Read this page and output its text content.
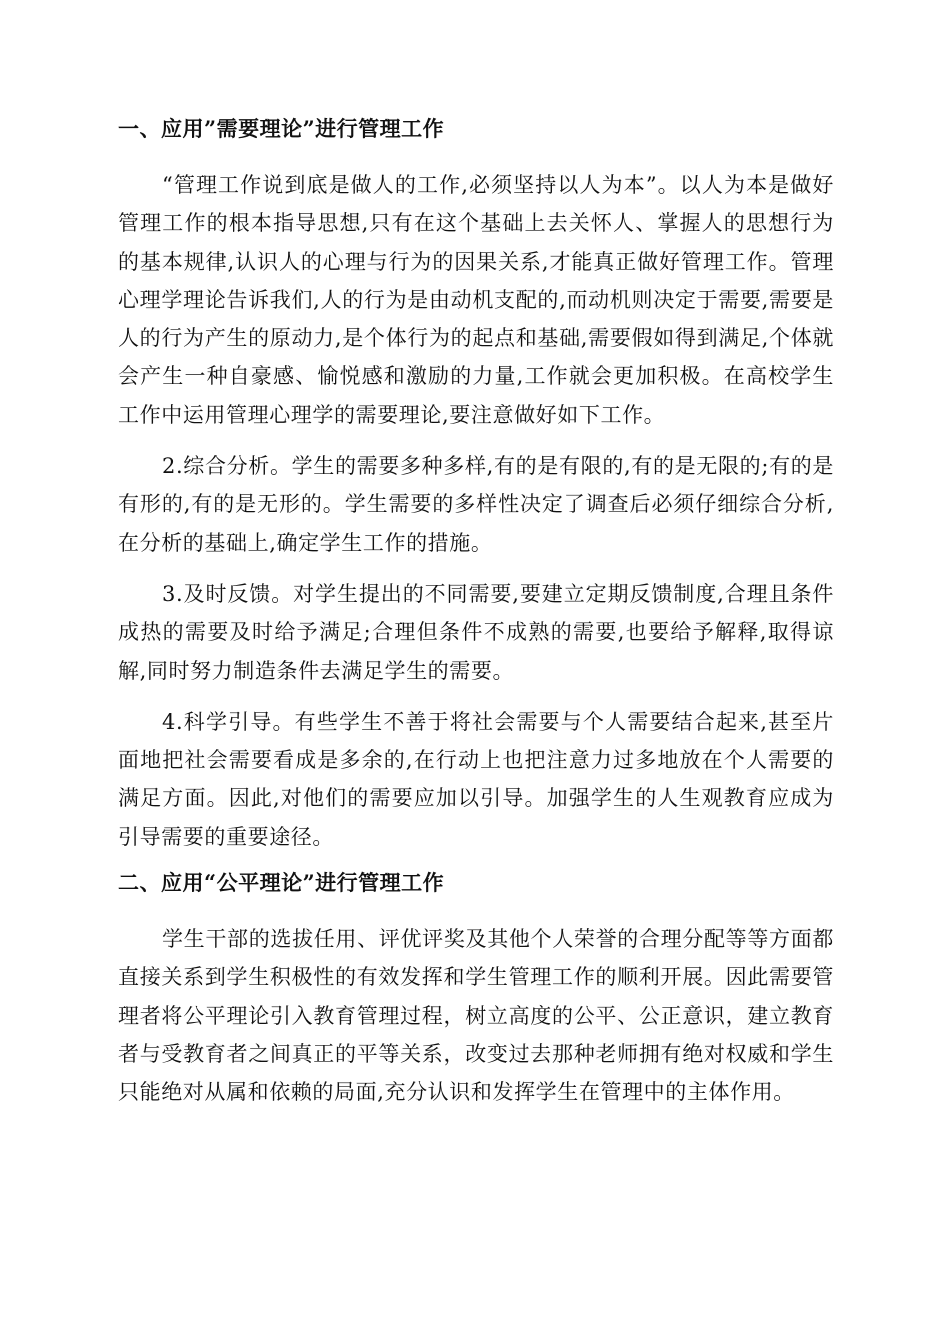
一、应用”需要理论”进行管理工作

“管理工作说到底是做人的工作,必须坚持以人为本”。以人为本是做好管理工作的根本指导思想,只有在这个基础上去关怀人、掌握人的思想行为的基本规律,认识人的心理与行为的因果关系,才能真正做好管理工作。管理心理学理论告诉我们,人的行为是由动机支配的,而动机则决定于需要,需要是人的行为产生的原动力,是个体行为的起点和基础,需要假如得到满足,个体就会产生一种自豪感、愉悦感和激励的力量,工作就会更加积极。在高校学生工作中运用管理心理学的需要理论,要注意做好如下工作。

2.综合分析。学生的需要多种多样,有的是有限的,有的是无限的;有的是有形的,有的是无形的。学生需要的多样性决定了调查后必须仔细综合分析,在分析的基础上,确定学生工作的措施。

3.及时反馈。对学生提出的不同需要,要建立定期反馈制度,合理且条件成热的需要及时给予满足;合理但条件不成熟的需要,也要给予解释,取得谅解,同时努力制造条件去满足学生的需要。

4.科学引导。有些学生不善于将社会需要与个人需要结合起来,甚至片面地把社会需要看成是多余的,在行动上也把注意力过多地放在个人需要的满足方面。因此,对他们的需要应加以引导。加强学生的人生观教育应成为引导需要的重要途径。

二、应用“公平理论”进行管理工作

学生干部的选拔任用、评优评奖及其他个人荣誉的合理分配等等方面都直接关系到学生积极性的有效发挥和学生管理工作的顺利开展。因此需要管理者将公平理论引入教育管理过程，树立高度的公平、公正意识，建立教育者与受教育者之间真正的平等关系，改变过去那种老师拥有绝对权威和学生只能绝对从属和依赖的局面,充分认识和发挥学生在管理中的主体作用。
